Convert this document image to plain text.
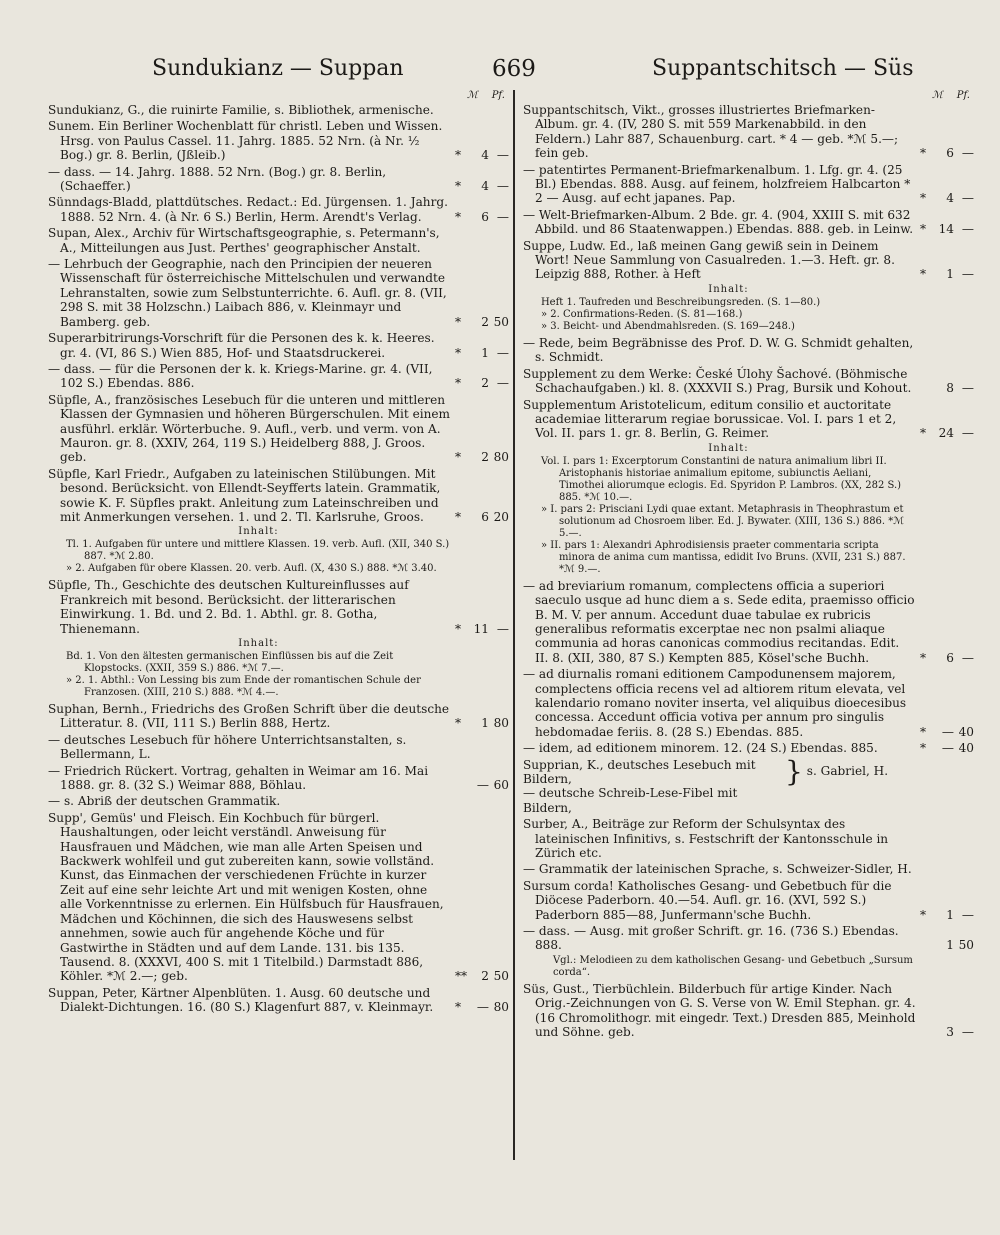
Sundukianz — Suppan	669	Suppantschitsch — Süs
ℳ Pf.
Sundukianz, G., die ruinirte Familie, s. Bibliothek, armenische.
Sunem. Ein Berliner Wochenblatt für christl. Leben und Wissen. Hrsg. von Paulus Cassel. 11. Jahrg. 1885. 52 Nrn. (à Nr. ½ Bog.) gr. 8. Berlin, (Jßleib.)	* 4 —
— dass. — 14. Jahrg. 1888. 52 Nrn. (Bog.) gr. 8. Berlin, (Schaeffer.)	* 4 —
Sünndags-Bladd, plattdütsches. Redact.: Ed. Jürgensen. 1. Jahrg. 1888. 52 Nrn. 4. (à Nr. 6 S.) Berlin, Herm. Arendt's Verlag.	* 6 —
Supan, Alex., Archiv für Wirtschaftsgeographie, s. Petermann's, A., Mitteilungen aus Just. Perthes' geographischer Anstalt.
— Lehrbuch der Geographie, nach den Principien der neueren Wissenschaft für österreichische Mittelschulen und verwandte Lehranstalten, sowie zum Selbstunterrichte. 6. Aufl. gr. 8. (VII, 298 S. mit 38 Holzschn.) Laibach 886, v. Kleinmayr und Bamberg. geb.	* 2 50
Superarbitrirungs-Vorschrift für die Personen des k. k. Heeres. gr. 4. (VI, 86 S.) Wien 885, Hof- und Staatsdruckerei.	* 1 —
— dass. — für die Personen der k. k. Kriegs-Marine. gr. 4. (VII, 102 S.) Ebendas. 886.	* 2 —
Süpfle, A., französisches Lesebuch für die unteren und mittleren Klassen der Gymnasien und höheren Bürgerschulen. Mit einem ausführl. erklär. Wörterbuche. 9. Aufl., verb. und verm. von A. Mauron. gr. 8. (XXIV, 264, 119 S.) Heidelberg 888, J. Groos. geb.	* 2 80
Süpfle, Karl Friedr., Aufgaben zu lateinischen Stilübungen. Mit besond. Berücksicht. von Ellendt-Seyfferts latein. Grammatik, sowie K. F. Süpfles prakt. Anleitung zum Lateinschreiben und mit Anmerkungen versehen. 1. und 2. Tl. Karlsruhe, Groos.	* 6 20
Inhalt:
Tl. 1. Aufgaben für untere und mittlere Klassen. 19. verb. Aufl. (XII, 340 S.) 887. *ℳ 2.80.
» 2. Aufgaben für obere Klassen. 20. verb. Aufl. (X, 430 S.) 888. *ℳ 3.40.
Süpfle, Th., Geschichte des deutschen Kultureinflusses auf Frankreich mit besond. Berücksicht. der litterarischen Einwirkung. 1. Bd. und 2. Bd. 1. Abthl. gr. 8. Gotha, Thienemann.	* 11 —
Inhalt:
Bd. 1. Von den ältesten germanischen Einflüssen bis auf die Zeit Klopstocks. (XXII, 359 S.) 886. *ℳ 7.—.
» 2. 1. Abthl.: Von Lessing bis zum Ende der romantischen Schule der Franzosen. (XIII, 210 S.) 888. *ℳ 4.—.
Suphan, Bernh., Friedrichs des Großen Schrift über die deutsche Litteratur. 8. (VII, 111 S.) Berlin 888, Hertz.	* 1 80
— deutsches Lesebuch für höhere Unterrichtsanstalten, s. Bellermann, L.
— Friedrich Rückert. Vortrag, gehalten in Weimar am 16. Mai 1888. gr. 8. (32 S.) Weimar 888, Böhlau.	— 60
— s. Abriß der deutschen Grammatik.
Supp', Gemüs' und Fleisch. Ein Kochbuch für bürgerl. Haushaltungen, oder leicht verständl. Anweisung für Hausfrauen und Mädchen, wie man alle Arten Speisen und Backwerk wohlfeil und gut zubereiten kann, sowie vollständ. Kunst, das Einmachen der verschiedenen Früchte in kurzer Zeit auf eine sehr leichte Art und mit wenigen Kosten, ohne alle Vorkenntnisse zu erlernen. Ein Hülfsbuch für Hausfrauen, Mädchen und Köchinnen, die sich des Hauswesens selbst annehmen, sowie auch für angehende Köche und für Gastwirthe in Städten und auf dem Lande. 131. bis 135. Tausend. 8. (XXXVI, 400 S. mit 1 Titelbild.) Darmstadt 886, Köhler. *ℳ 2.—; geb.	** 2 50
Suppan, Peter, Kärtner Alpenblüten. 1. Ausg. 60 deutsche und Dialekt-Dichtungen. 16. (80 S.) Klagenfurt 887, v. Kleinmayr. * — 80
ℳ Pf.
Suppantschitsch, Vikt., grosses illustriertes Briefmarken-Album. gr. 4. (IV, 280 S. mit 559 Markenabbild. in den Feldern.) Lahr 887, Schauenburg. cart. * 4 — geb. *ℳ 5.—; fein geb.	* 6 —
— patentirtes Permanent-Briefmarkenalbum. 1. Lfg. gr. 4. (25 Bl.) Ebendas. 888. Ausg. auf feinem, holzfreiem Halbcarton * 2 — Ausg. auf echt japanes. Pap.	* 4 —
— Welt-Briefmarken-Album. 2 Bde. gr. 4. (904, XXIII S. mit 632 Abbild. und 86 Staatenwappen.) Ebendas. 888. geb. in Leinw. * 14 —
Suppe, Ludw. Ed., laß meinen Gang gewiß sein in Deinem Wort! Neue Sammlung von Casualreden. 1.—3. Heft. gr. 8. Leipzig 888, Rother. à Heft	* 1 —
Inhalt:
Heft 1. Taufreden und Beschreibungsreden. (S. 1—80.)
» 2. Confirmations-Reden. (S. 81—168.)
» 3. Beicht- und Abendmahlsreden. (S. 169—248.)
— Rede, beim Begräbnisse des Prof. D. W. G. Schmidt gehalten, s. Schmidt.
Supplement zu dem Werke: České Úlohy Šachové. (Böhmische Schachaufgaben.) kl. 8. (XXXVII S.) Prag, Bursik und Kohout.	8 —
Supplementum Aristotelicum, editum consilio et auctoritate academiae litterarum regiae borussicae. Vol. I. pars 1 et 2, Vol. II. pars 1. gr. 8. Berlin, G. Reimer.	* 24 —
Inhalt:
Vol. I. pars 1: Excerptorum Constantini de natura animalium libri II. Aristophanis historiae animalium epitome, subiunctis Aeliani, Timothei aliorumque eclogis. Ed. Spyridon P. Lambros. (XX, 282 S.) 885. *ℳ 10.—.
» I. pars 2: Prisciani Lydi quae extant. Metaphrasis in Theophrastum et solutionum ad Chosroem liber. Ed. J. Bywater. (XIII, 136 S.) 886. *ℳ 5.—.
» II. pars 1: Alexandri Aphrodisiensis praeter commentaria scripta minora de anima cum mantissa, edidit Ivo Bruns. (XVII, 231 S.) 887. *ℳ 9.—.
— ad breviarium romanum, complectens officia a superiori saeculo usque ad hunc diem a s. Sede edita, praemisso officio B. M. V. per annum. Accedunt duae tabulae ex rubricis generalibus reformatis excerptae nec non psalmi aliaque communia ad horas canonicas commodius recitandas. Edit. II. 8. (XII, 380, 87 S.) Kempten 885, Kösel'sche Buchh.	* 6 —
— ad diurnalis romani editionem Campodunensem majorem, complectens officia recens vel ad altiorem ritum elevata, vel kalendario romano noviter inserta, vel aliquibus dioecesibus concessa. Accedunt officia votiva per annum pro singulis hebdomadae feriis. 8. (28 S.) Ebendas. 885.	* — 40
— idem, ad editionem minorem. 12. (24 S.) Ebendas. 885.	* — 40
Supprian, K., deutsches Lesebuch mit Bildern,
— deutsche Schreib-Lese-Fibel mit Bildern,
} s. Gabriel, H.
Surber, A., Beiträge zur Reform der Schulsyntax des lateinischen Infinitivs, s. Festschrift der Kantonsschule in Zürich etc.
— Grammatik der lateinischen Sprache, s. Schweizer-Sidler, H.
Sursum corda! Katholisches Gesang- und Gebetbuch für die Diöcese Paderborn. 40.—54. Aufl. gr. 16. (XVI, 592 S.) Paderborn 885—88, Junfermann'sche Buchh.	* 1 —
— dass. — Ausg. mit großer Schrift. gr. 16. (736 S.) Ebendas. 888.	1 50
Vgl.: Melodieen zu dem katholischen Gesang- und Gebetbuch „Sursum corda“.
Süs, Gust., Tierbüchlein. Bilderbuch für artige Kinder. Nach Orig.-Zeichnungen von G. S. Verse von W. Emil Stephan. gr. 4. (16 Chromolithogr. mit eingedr. Text.) Dresden 885, Meinhold und Söhne. geb.	3 —
